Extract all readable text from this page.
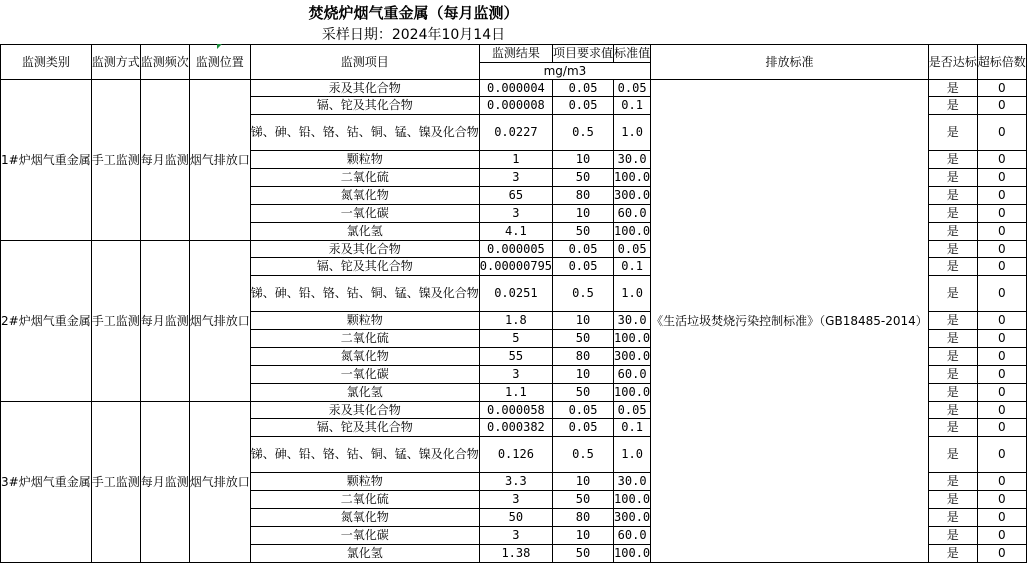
焚烧炉烟气重金属（每月监测）
采样日期：2024年10月14日
监测类别	监测方式	监测频次	监测位置	监测项目	监测结果	项目要求值	标准值	排放标准	是否达标	超标倍数
					mg/m3					
1#炉烟气重金属	手工监测	每月监测	烟气排放口	汞及其化合物	0.000004	0.05	0.05	《生活垃圾焚烧污染控制标准》（GB18485-2014）	是	0
				镉、铊及其化合物	0.000008	0.05	0.1		是	0
				锑、砷、铅、铬、钴、铜、锰、镍及化合物	0.0227	0.5	1.0		是	0
				颗粒物	1	10	30.0		是	0
				二氧化硫	3	50	100.0		是	0
				氮氧化物	65	80	300.0		是	0
				一氧化碳	3	10	60.0		是	0
				氯化氢	4.1	50	100.0		是	0
2#炉烟气重金属	手工监测	每月监测	烟气排放口	汞及其化合物	0.000005	0.05	0.05		是	0
				镉、铊及其化合物	0.00000795	0.05	0.1		是	0
				锑、砷、铅、铬、钴、铜、锰、镍及化合物	0.0251	0.5	1.0		是	0
				颗粒物	1.8	10	30.0		是	0
				二氧化硫	5	50	100.0		是	0
				氮氧化物	55	80	300.0		是	0
				一氧化碳	3	10	60.0		是	0
				氯化氢	1.1	50	100.0		是	0
3#炉烟气重金属	手工监测	每月监测	烟气排放口	汞及其化合物	0.000058	0.05	0.05		是	0
				镉、铊及其化合物	0.000382	0.05	0.1		是	0
				锑、砷、铅、铬、钴、铜、锰、镍及化合物	0.126	0.5	1.0		是	0
				颗粒物	3.3	10	30.0		是	0
				二氧化硫	3	50	100.0		是	0
				氮氧化物	50	80	300.0		是	0
				一氧化碳	3	10	60.0		是	0
				氯化氢	1.38	50	100.0		是	0
